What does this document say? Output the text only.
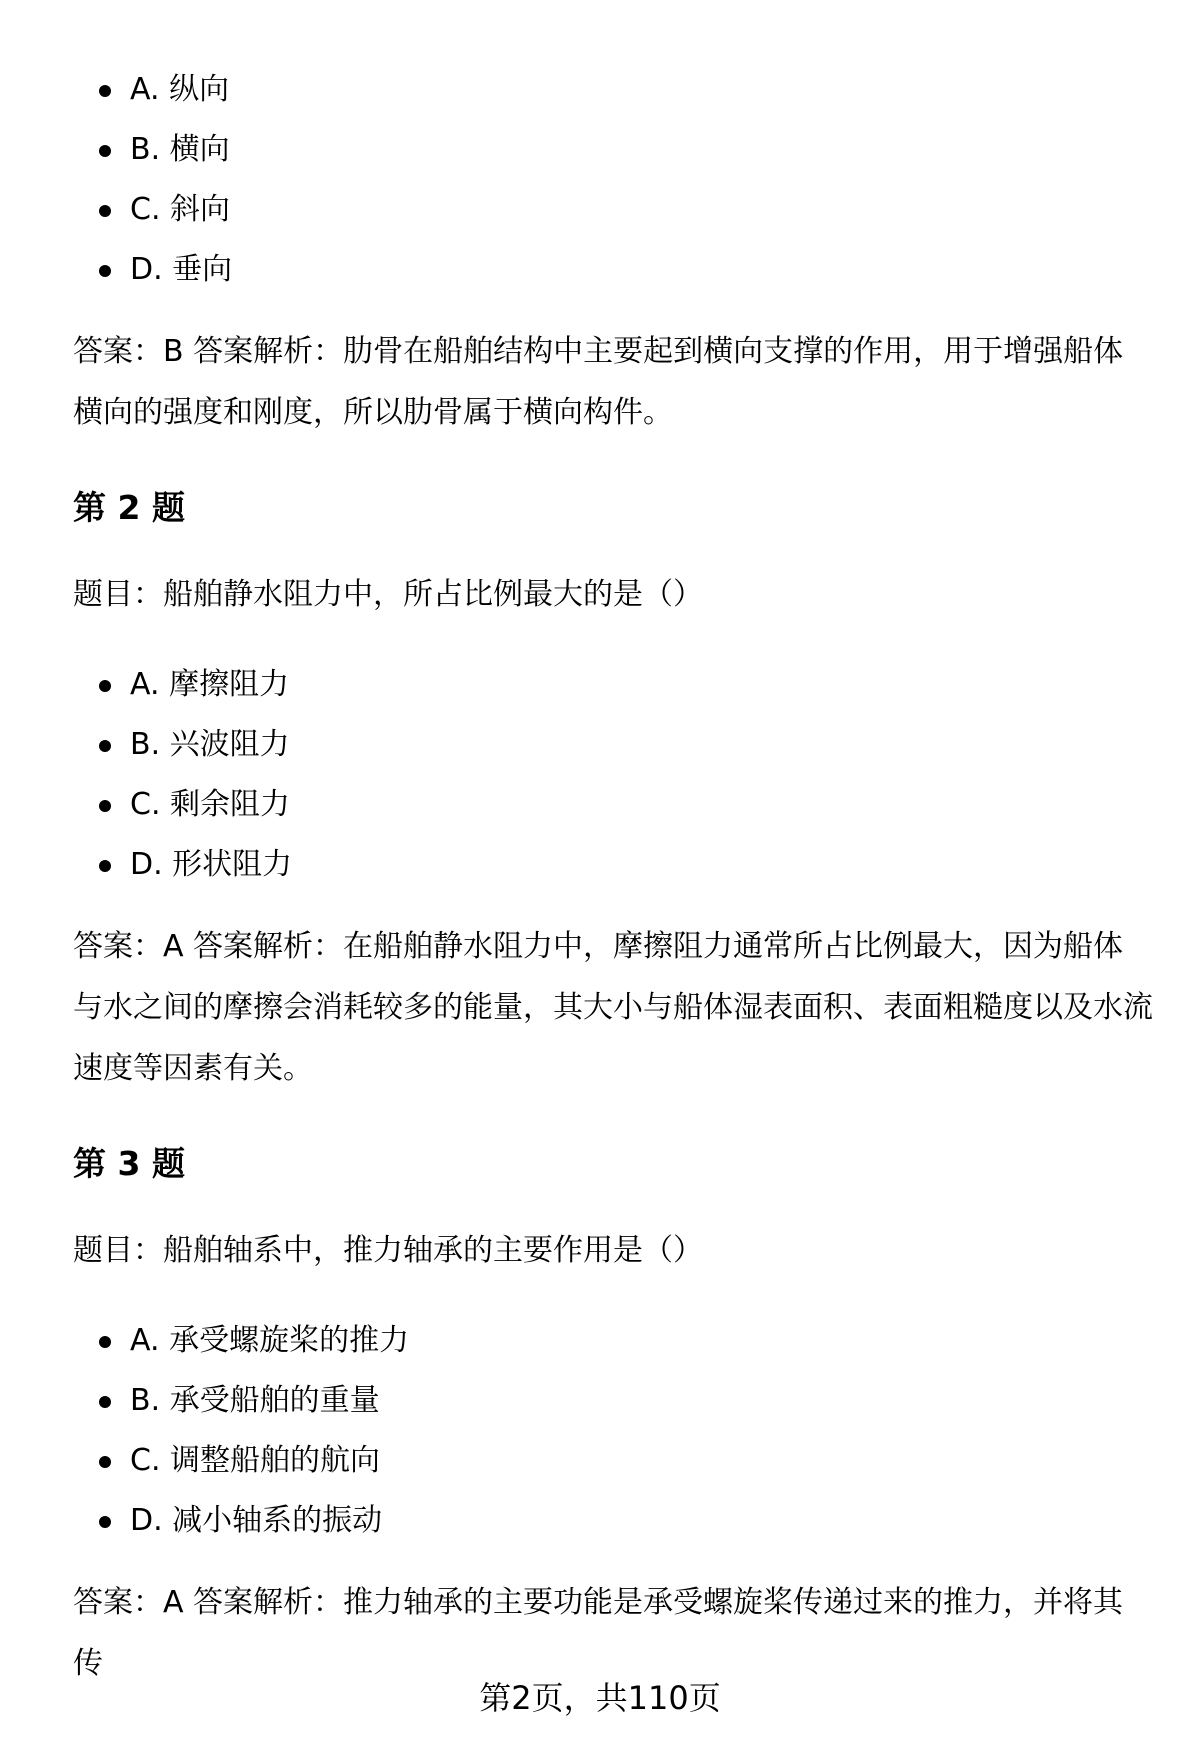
A. 纵向
B. 横向
C. 斜向
D. 垂向

答案：B 答案解析：肋骨在船舶结构中主要起到横向支撑的作用，用于增强船体横向的强度和刚度，所以肋骨属于横向构件。

第 2 题

题目：船舶静水阻力中，所占比例最大的是（）

A. 摩擦阻力
B. 兴波阻力
C. 剩余阻力
D. 形状阻力

答案：A 答案解析：在船舶静水阻力中，摩擦阻力通常所占比例最大，因为船体与水之间的摩擦会消耗较多的能量，其大小与船体湿表面积、表面粗糙度以及水流速度等因素有关。

第 3 题

题目：船舶轴系中，推力轴承的主要作用是（）

A. 承受螺旋桨的推力
B. 承受船舶的重量
C. 调整船舶的航向
D. 减小轴系的振动

答案：A 答案解析：推力轴承的主要功能是承受螺旋桨传递过来的推力，并将其传

第2页，共110页
